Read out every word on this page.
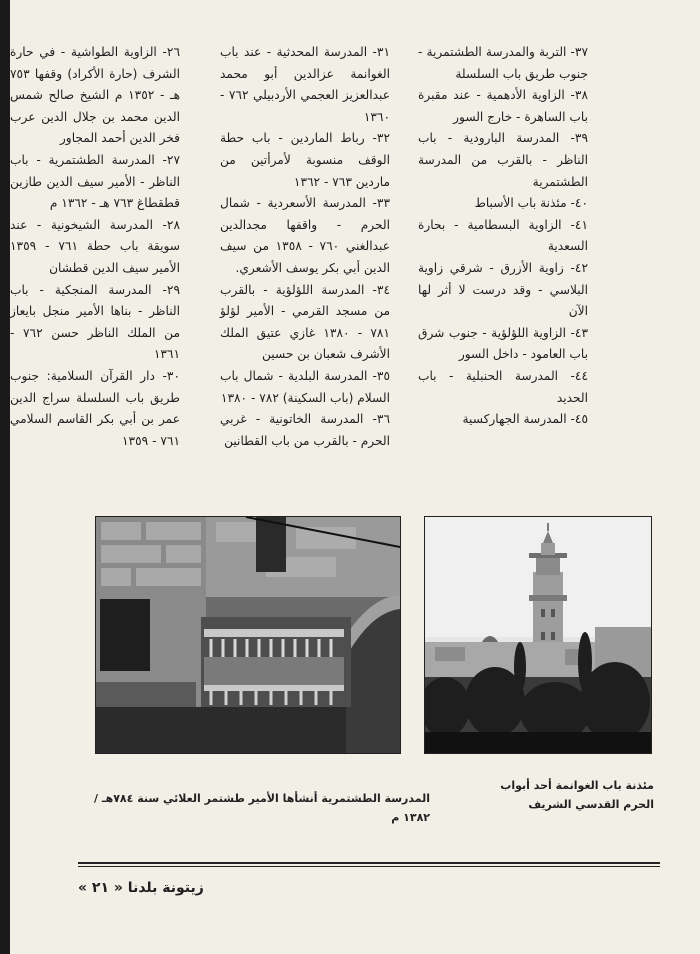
٢٦- الزاوية الطواشية - في حارة الشرف (حارة الأكراد) وقفها ٧٥٣ هـ - ١٣٥٢ م الشيخ صالح شمس الدين محمد بن جلال الدين عرب فخر الدين أحمد المجاور

٢٧- المدرسة الطشتمرية - باب الناظر - الأمير سيف الدين طازين قطقطاغ ٧٦٣ هـ - ١٣٦٢ م

٢٨- المدرسة الشيخونية - عند سويقة باب حطة ٧٦١ - ١٣٥٩ الأمير سيف الدين قطشان

٢٩- المدرسة المنجكية - باب الناظر - بناها الأمير منجل بايعاز من الملك الناظر حسن ٧٦٢ - ١٣٦١

٣٠- دار القرآن السلامية: جنوب طريق باب السلسلة سراج الدين عمر بن أبي بكر القاسم السلامي ٧٦١ - ١٣٥٩

٣١- المدرسة المحدثية - عند باب الغوانمة عزالدين أبو محمد عبدالعزيز العجمي الأردبيلي ٧٦٢ - ١٣٦٠

٣٢- رباط الماردين - باب حطة الوقف منسوبة لأمرأتين من ماردين ٧٦٣ - ١٣٦٢

٣٣- المدرسة الأسعردية - شمال الحرم - واقفها مجدالدين عبدالغني ٧٦٠ - ١٣٥٨ من سيف الدين أبي بكر يوسف الأشعري.

٣٤- المدرسة اللؤلؤية - بالقرب من مسجد القرمي - الأمير لؤلؤ ٧٨١ - ١٣٨٠ غازي عتيق الملك الأشرف شعبان بن حسين

٣٥- المدرسة البلدية - شمال باب السلام (باب السكينة) ٧٨٢ - ١٣٨٠

٣٦- المدرسة الخاتونية - غربي الحرم - بالقرب من باب القطانين

٣٧- التربة والمدرسة الطشتمرية - جنوب طريق باب السلسلة

٣٨- الزاوية الأدهمية - عند مقبرة باب الساهرة - خارج السور

٣٩- المدرسة البارودية - باب الناظر - بالقرب من المدرسة الطشتمرية

٤٠- مئذنة باب الأسباط

٤١- الزاوية البسطامية - بحارة السعدية

٤٢- زاوية الأزرق - شرقي زاوية البلاسي - وقد درست لا أثر لها الآن

٤٣- الزاوية اللؤلؤية - جنوب شرق باب العامود - داخل السور

٤٤- المدرسة الحنبلية - باب الحديد

٤٥- المدرسة الجهاركسية

مئذنة باب الغوانمة أحد أبواب
الحرم القدسي الشريف
المدرسة الطشتمرية أنشأها الأمير طشتمر العلائي سنة ٧٨٤هـ / ١٣٨٢ م
زيتونة بلدنا « ٢١ »
